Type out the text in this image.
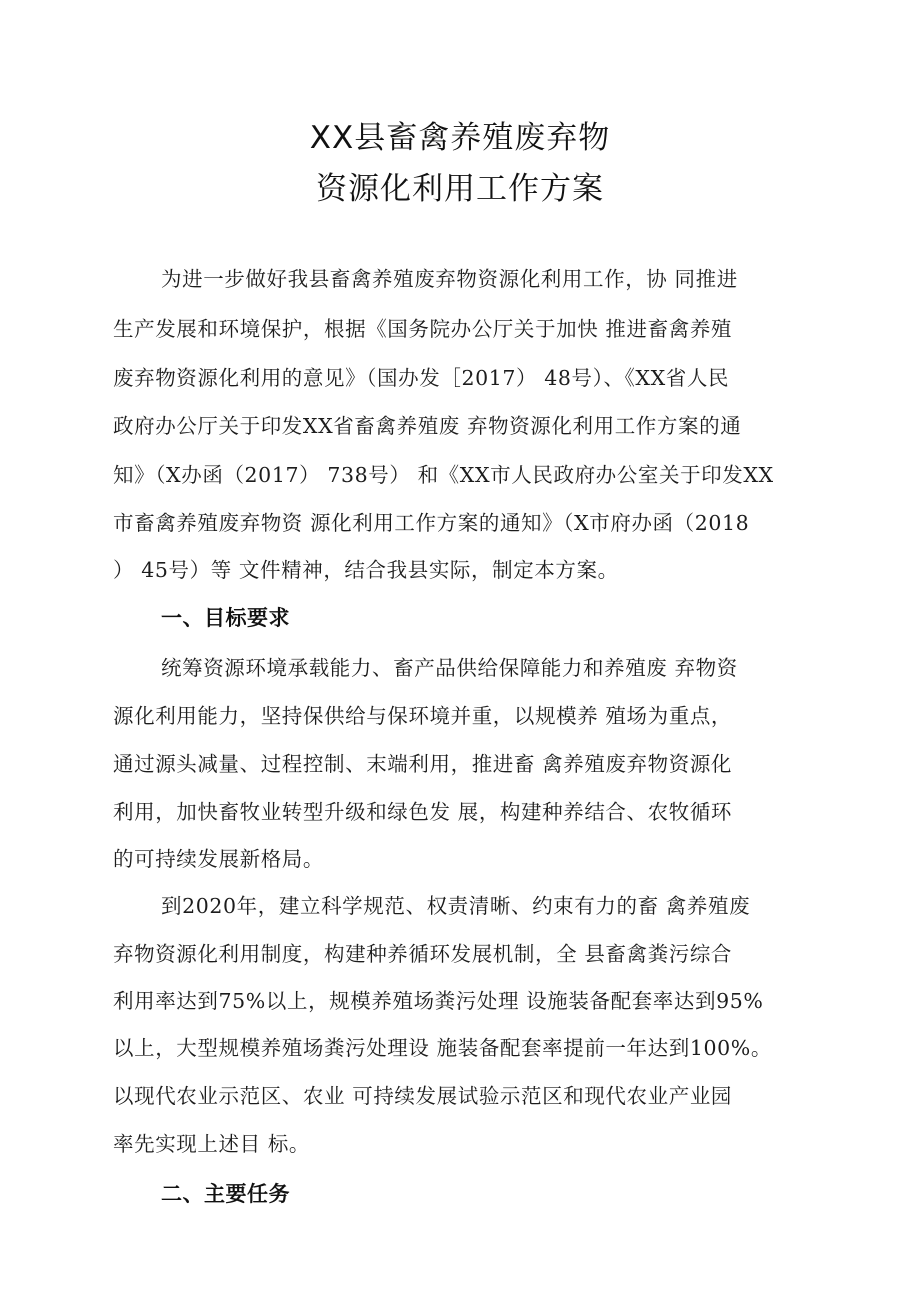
XX县畜禽养殖废弃物
资源化利用工作方案
为进一步做好我县畜禽养殖废弃物资源化利用工作，协 同推进
生产发展和环境保护，根据《国务院办公厅关于加快 推进畜禽养殖
废弃物资源化利用的意见》（国办发［2017） 48号）、《XX省人民
政府办公厅关于印发XX省畜禽养殖废 弃物资源化利用工作方案的通
知》（X办函（2017） 738号） 和《XX市人民政府办公室关于印发XX
市畜禽养殖废弃物资 源化利用工作方案的通知》（X市府办函（2018
） 45号）等 文件精神，结合我县实际，制定本方案。
一、目标要求
统筹资源环境承载能力、畜产品供给保障能力和养殖废 弃物资
源化利用能力，坚持保供给与保环境并重，以规模养 殖场为重点，
通过源头减量、过程控制、末端利用，推进畜 禽养殖废弃物资源化
利用，加快畜牧业转型升级和绿色发 展，构建种养结合、农牧循环
的可持续发展新格局。
到2020年，建立科学规范、权责清晰、约束有力的畜 禽养殖废
弃物资源化利用制度，构建种养循环发展机制，全 县畜禽粪污综合
利用率达到75%以上，规模养殖场粪污处理 设施装备配套率达到95%
以上，大型规模养殖场粪污处理设 施装备配套率提前一年达到100%。
以现代农业示范区、农业 可持续发展试验示范区和现代农业产业园
率先实现上述目 标。
二、主要任务
